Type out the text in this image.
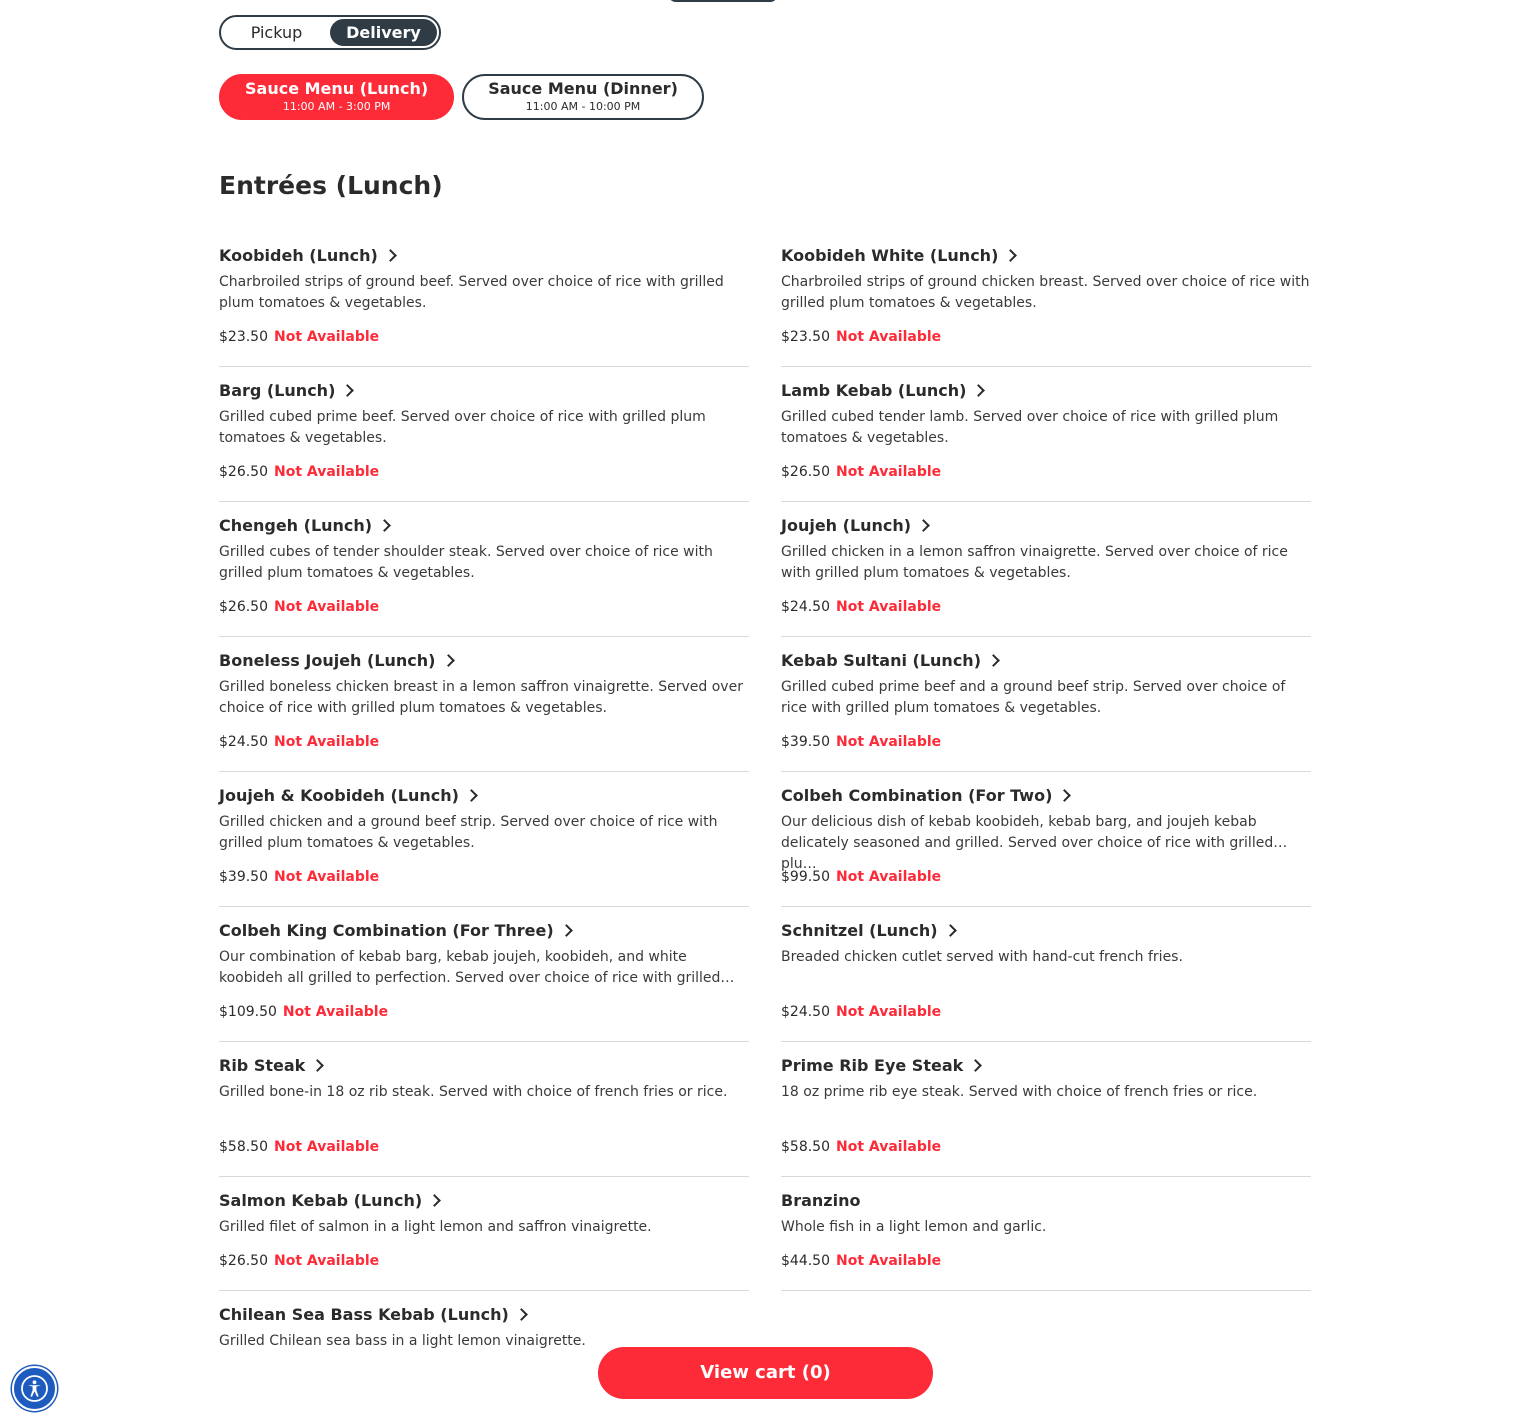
Pickup	Delivery
Sauce Menu (Lunch)
11:00 AM - 3:00 PM
Sauce Menu (Dinner)
11:00 AM - 10:00 PM
Entrées (Lunch)
Koobideh (Lunch)
Charbroiled strips of ground beef. Served over choice of rice with grilled plum tomatoes & vegetables.
$23.50 Not Available
Koobideh White (Lunch)
Charbroiled strips of ground chicken breast. Served over choice of rice with grilled plum tomatoes & vegetables.
$23.50 Not Available
Barg (Lunch)
Grilled cubed prime beef. Served over choice of rice with grilled plum tomatoes & vegetables.
$26.50 Not Available
Lamb Kebab (Lunch)
Grilled cubed tender lamb. Served over choice of rice with grilled plum tomatoes & vegetables.
$26.50 Not Available
Chengeh (Lunch)
Grilled cubes of tender shoulder steak. Served over choice of rice with grilled plum tomatoes & vegetables.
$26.50 Not Available
Joujeh (Lunch)
Grilled chicken in a lemon saffron vinaigrette. Served over choice of rice with grilled plum tomatoes & vegetables.
$24.50 Not Available
Boneless Joujeh (Lunch)
Grilled boneless chicken breast in a lemon saffron vinaigrette. Served over choice of rice with grilled plum tomatoes & vegetables.
$24.50 Not Available
Kebab Sultani (Lunch)
Grilled cubed prime beef and a ground beef strip. Served over choice of rice with grilled plum tomatoes & vegetables.
$39.50 Not Available
Joujeh & Koobideh (Lunch)
Grilled chicken and a ground beef strip. Served over choice of rice with grilled plum tomatoes & vegetables.
$39.50 Not Available
Colbeh Combination (For Two)
Our delicious dish of kebab koobideh, kebab barg, and joujeh kebab delicately seasoned and grilled. Served over choice of rice with grilled plu…
$99.50 Not Available
Colbeh King Combination (For Three)
Our combination of kebab barg, kebab joujeh, koobideh, and white koobideh all grilled to perfection. Served over choice of rice with grilled…
$109.50 Not Available
Schnitzel (Lunch)
Breaded chicken cutlet served with hand-cut french fries.
$24.50 Not Available
Rib Steak
Grilled bone-in 18 oz rib steak. Served with choice of french fries or rice.
$58.50 Not Available
Prime Rib Eye Steak
18 oz prime rib eye steak. Served with choice of french fries or rice.
$58.50 Not Available
Salmon Kebab (Lunch)
Grilled filet of salmon in a light lemon and saffron vinaigrette.
$26.50 Not Available
Branzino
Whole fish in a light lemon and garlic.
$44.50 Not Available
Chilean Sea Bass Kebab (Lunch)
Grilled Chilean sea bass in a light lemon vinaigrette.
View cart (0)
